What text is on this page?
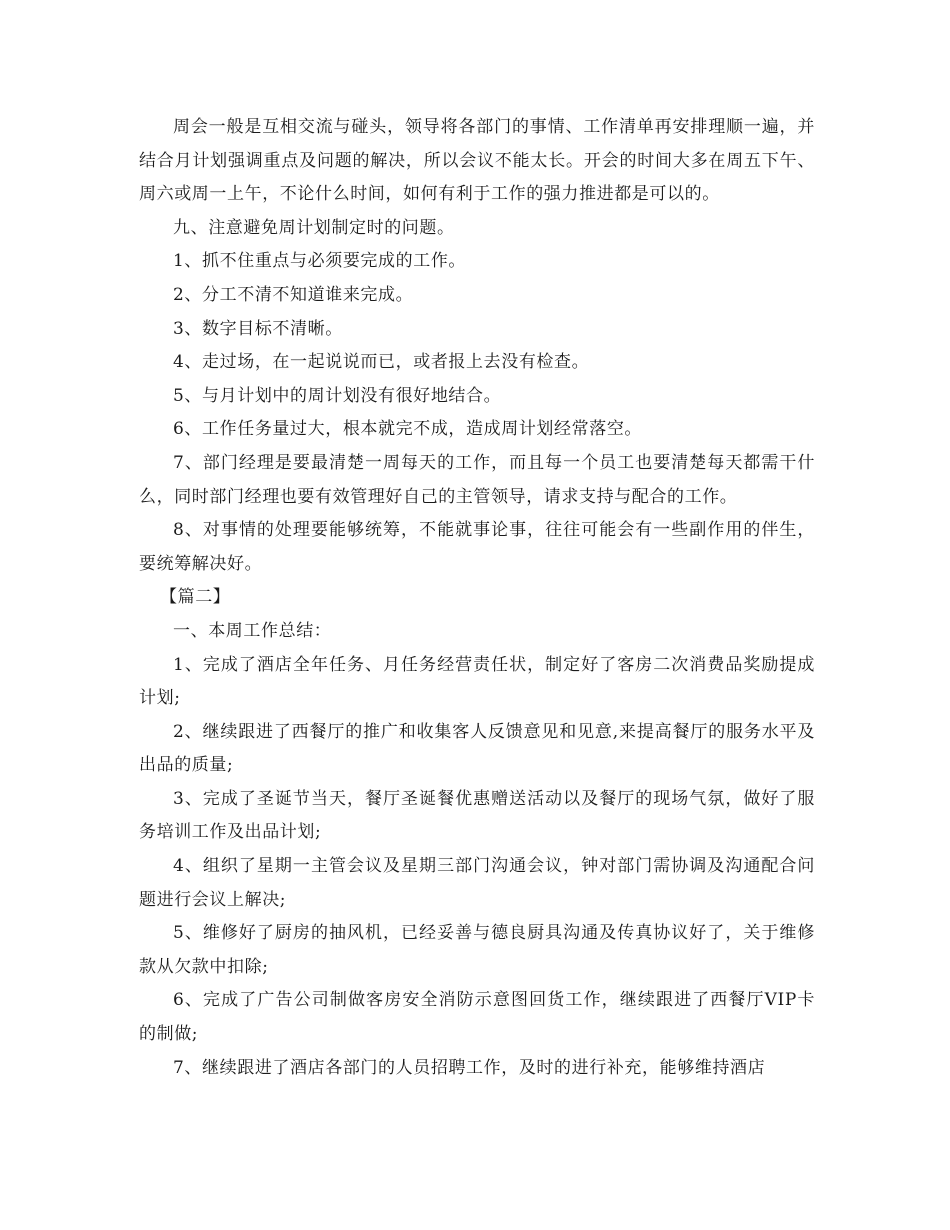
周会一般是互相交流与碰头，领导将各部门的事情、工作清单再安排理顺一遍，并结合月计划强调重点及问题的解决，所以会议不能太长。开会的时间大多在周五下午、周六或周一上午，不论什么时间，如何有利于工作的强力推进都是可以的。

九、注意避免周计划制定时的问题。

1、抓不住重点与必须要完成的工作。

2、分工不清不知道谁来完成。

3、数字目标不清晰。

4、走过场，在一起说说而已，或者报上去没有检查。

5、与月计划中的周计划没有很好地结合。

6、工作任务量过大，根本就完不成，造成周计划经常落空。

7、部门经理是要最清楚一周每天的工作，而且每一个员工也要清楚每天都需干什么，同时部门经理也要有效管理好自己的主管领导，请求支持与配合的工作。

8、对事情的处理要能够统筹，不能就事论事，往往可能会有一些副作用的伴生，要统筹解决好。

【篇二】

一、本周工作总结：

1、完成了酒店全年任务、月任务经营责任状，制定好了客房二次消费品奖励提成计划;

2、继续跟进了西餐厅的推广和收集客人反馈意见和见意,来提高餐厅的服务水平及出品的质量;

3、完成了圣诞节当天，餐厅圣诞餐优惠赠送活动以及餐厅的现场气氛，做好了服务培训工作及出品计划;

4、组织了星期一主管会议及星期三部门沟通会议，钟对部门需协调及沟通配合问题进行会议上解决;

5、维修好了厨房的抽风机，已经妥善与德良厨具沟通及传真协议好了，关于维修款从欠款中扣除;

6、完成了广告公司制做客房安全消防示意图回货工作，继续跟进了西餐厅VIP卡的制做;

7、继续跟进了酒店各部门的人员招聘工作，及时的进行补充，能够维持酒店
